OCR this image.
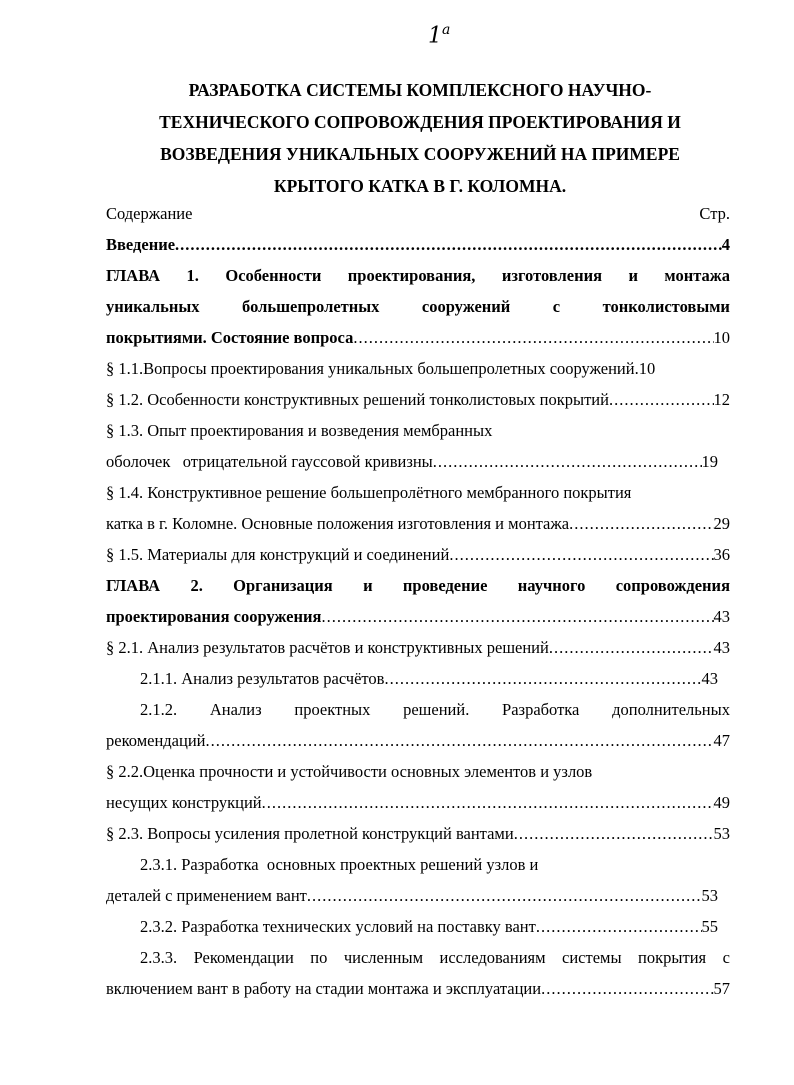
1$^a$
РАЗРАБОТКА СИСТЕМЫ КОМПЛЕКСНОГО НАУЧНО-
ТЕХНИЧЕСКОГО СОПРОВОЖДЕНИЯ ПРОЕКТИРОВАНИЯ И
ВОЗВЕДЕНИЯ УНИКАЛЬНЫХ СООРУЖЕНИЙ НА ПРИМЕРЕ
КРЫТОГО КАТКА В Г. КОЛОМНА.
Содержание	Стр.
Введение .....	4
ГЛАВА 1. Особенности проектирования, изготовления и монтажа
уникальных	большепролетных	сооружений	с	тонколистовыми
покрытиями. Состояние вопроса .....	10
§ 1.1.Вопросы проектирования уникальных большепролетных сооружений.10
§ 1.2. Особенности конструктивных решений тонколистовых покрытий .....	12
§ 1.3. Опыт проектирования и возведения мембранных
оболочек   отрицательной гауссовой кривизны .....	19
§ 1.4. Конструктивное решение большепролётного мембранного покрытия
катка в г. Коломне. Основные положения изготовления и монтажа .....	29
§ 1.5. Материалы для конструкций и соединений .....	36
ГЛАВА 2. Организация и проведение научного сопровождения
проектирования сооружения .....	43
§ 2.1. Анализ результатов расчётов и конструктивных решений .....	43
2.1.1. Анализ результатов расчётов .....	43
2.1.2. Анализ проектных решений. Разработка дополнительных
рекомендаций .....	47
§ 2.2.Оценка прочности и устойчивости основных элементов и узлов
несущих конструкций .....	49
§ 2.3. Вопросы усиления пролетной конструкций вантами .....	53
2.3.1. Разработка  основных проектных решений узлов и
деталей с применением вант .....	53
2.3.2. Разработка технических условий на поставку вант .....	55
2.3.3. Рекомендации по численным исследованиям системы покрытия с
включением вант в работу на стадии монтажа и эксплуатации .....	57
